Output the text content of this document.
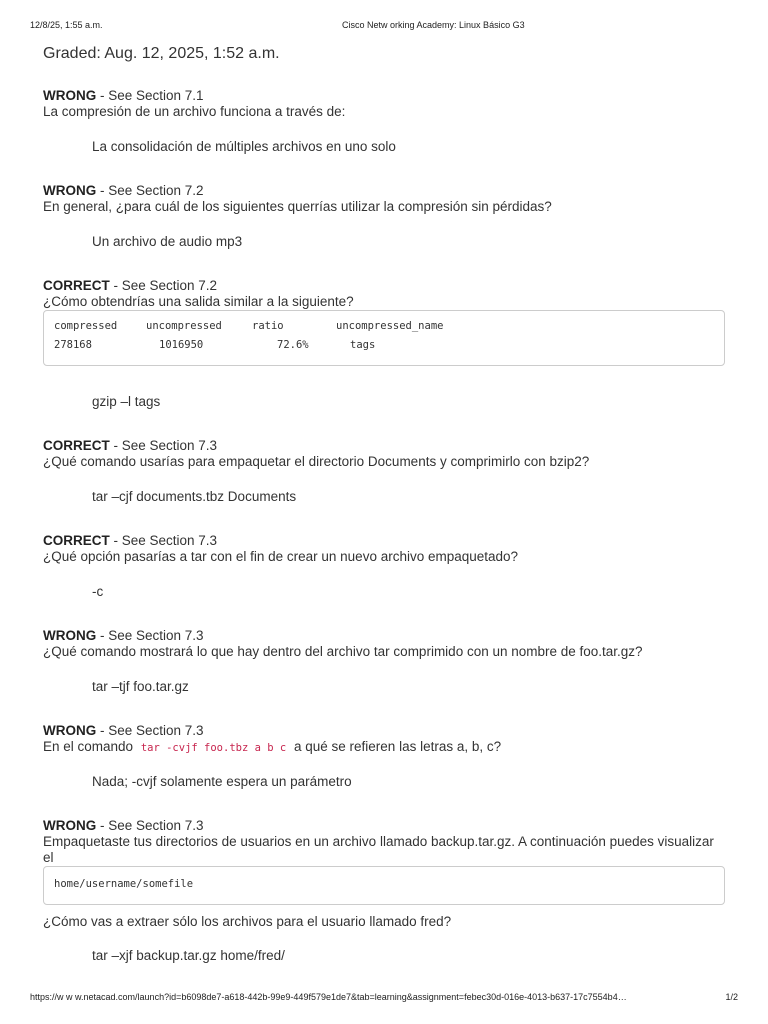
12/8/25, 1:55 a.m.	Cisco Netw orking Academy: Linux Básico G3
Graded: Aug. 12, 2025, 1:52 a.m.
WRONG - See Section 7.1
La compresión de un archivo funciona a través de:
La consolidación de múltiples archivos en uno solo
WRONG - See Section 7.2
En general, ¿para cuál de los siguientes querrías utilizar la compresión sin pérdidas?
Un archivo de audio mp3
CORRECT - See Section 7.2
¿Cómo obtendrías una salida similar a la siguiente?
compressed	uncompressed	ratio	uncompressed_name
278168	1016950	72.6%	tags
gzip –l tags
CORRECT - See Section 7.3
¿Qué comando usarías para empaquetar el directorio Documents y comprimirlo con bzip2?
tar –cjf documents.tbz Documents
CORRECT - See Section 7.3
¿Qué opción pasarías a tar con el fin de crear un nuevo archivo empaquetado?
-c
WRONG - See Section 7.3
¿Qué comando mostrará lo que hay dentro del archivo tar comprimido con un nombre de foo.tar.gz?
tar –tjf foo.tar.gz
WRONG - See Section 7.3
En el comando tar -cvjf foo.tbz a b c a qué se refieren las letras a, b, c?
Nada; -cvjf solamente espera un parámetro
WRONG - See Section 7.3
Empaquetaste tus directorios de usuarios en un archivo llamado backup.tar.gz. A continuación puedes visualizar el
home/username/somefile
¿Cómo vas a extraer sólo los archivos para el usuario llamado fred?
tar –xjf backup.tar.gz home/fred/
https://w w w.netacad.com/launch?id=b6098de7-a618-442b-99e9-449f579e1de7&tab=learning&assignment=febec30d-016e-4013-b637-17c7554b4…	1/2
